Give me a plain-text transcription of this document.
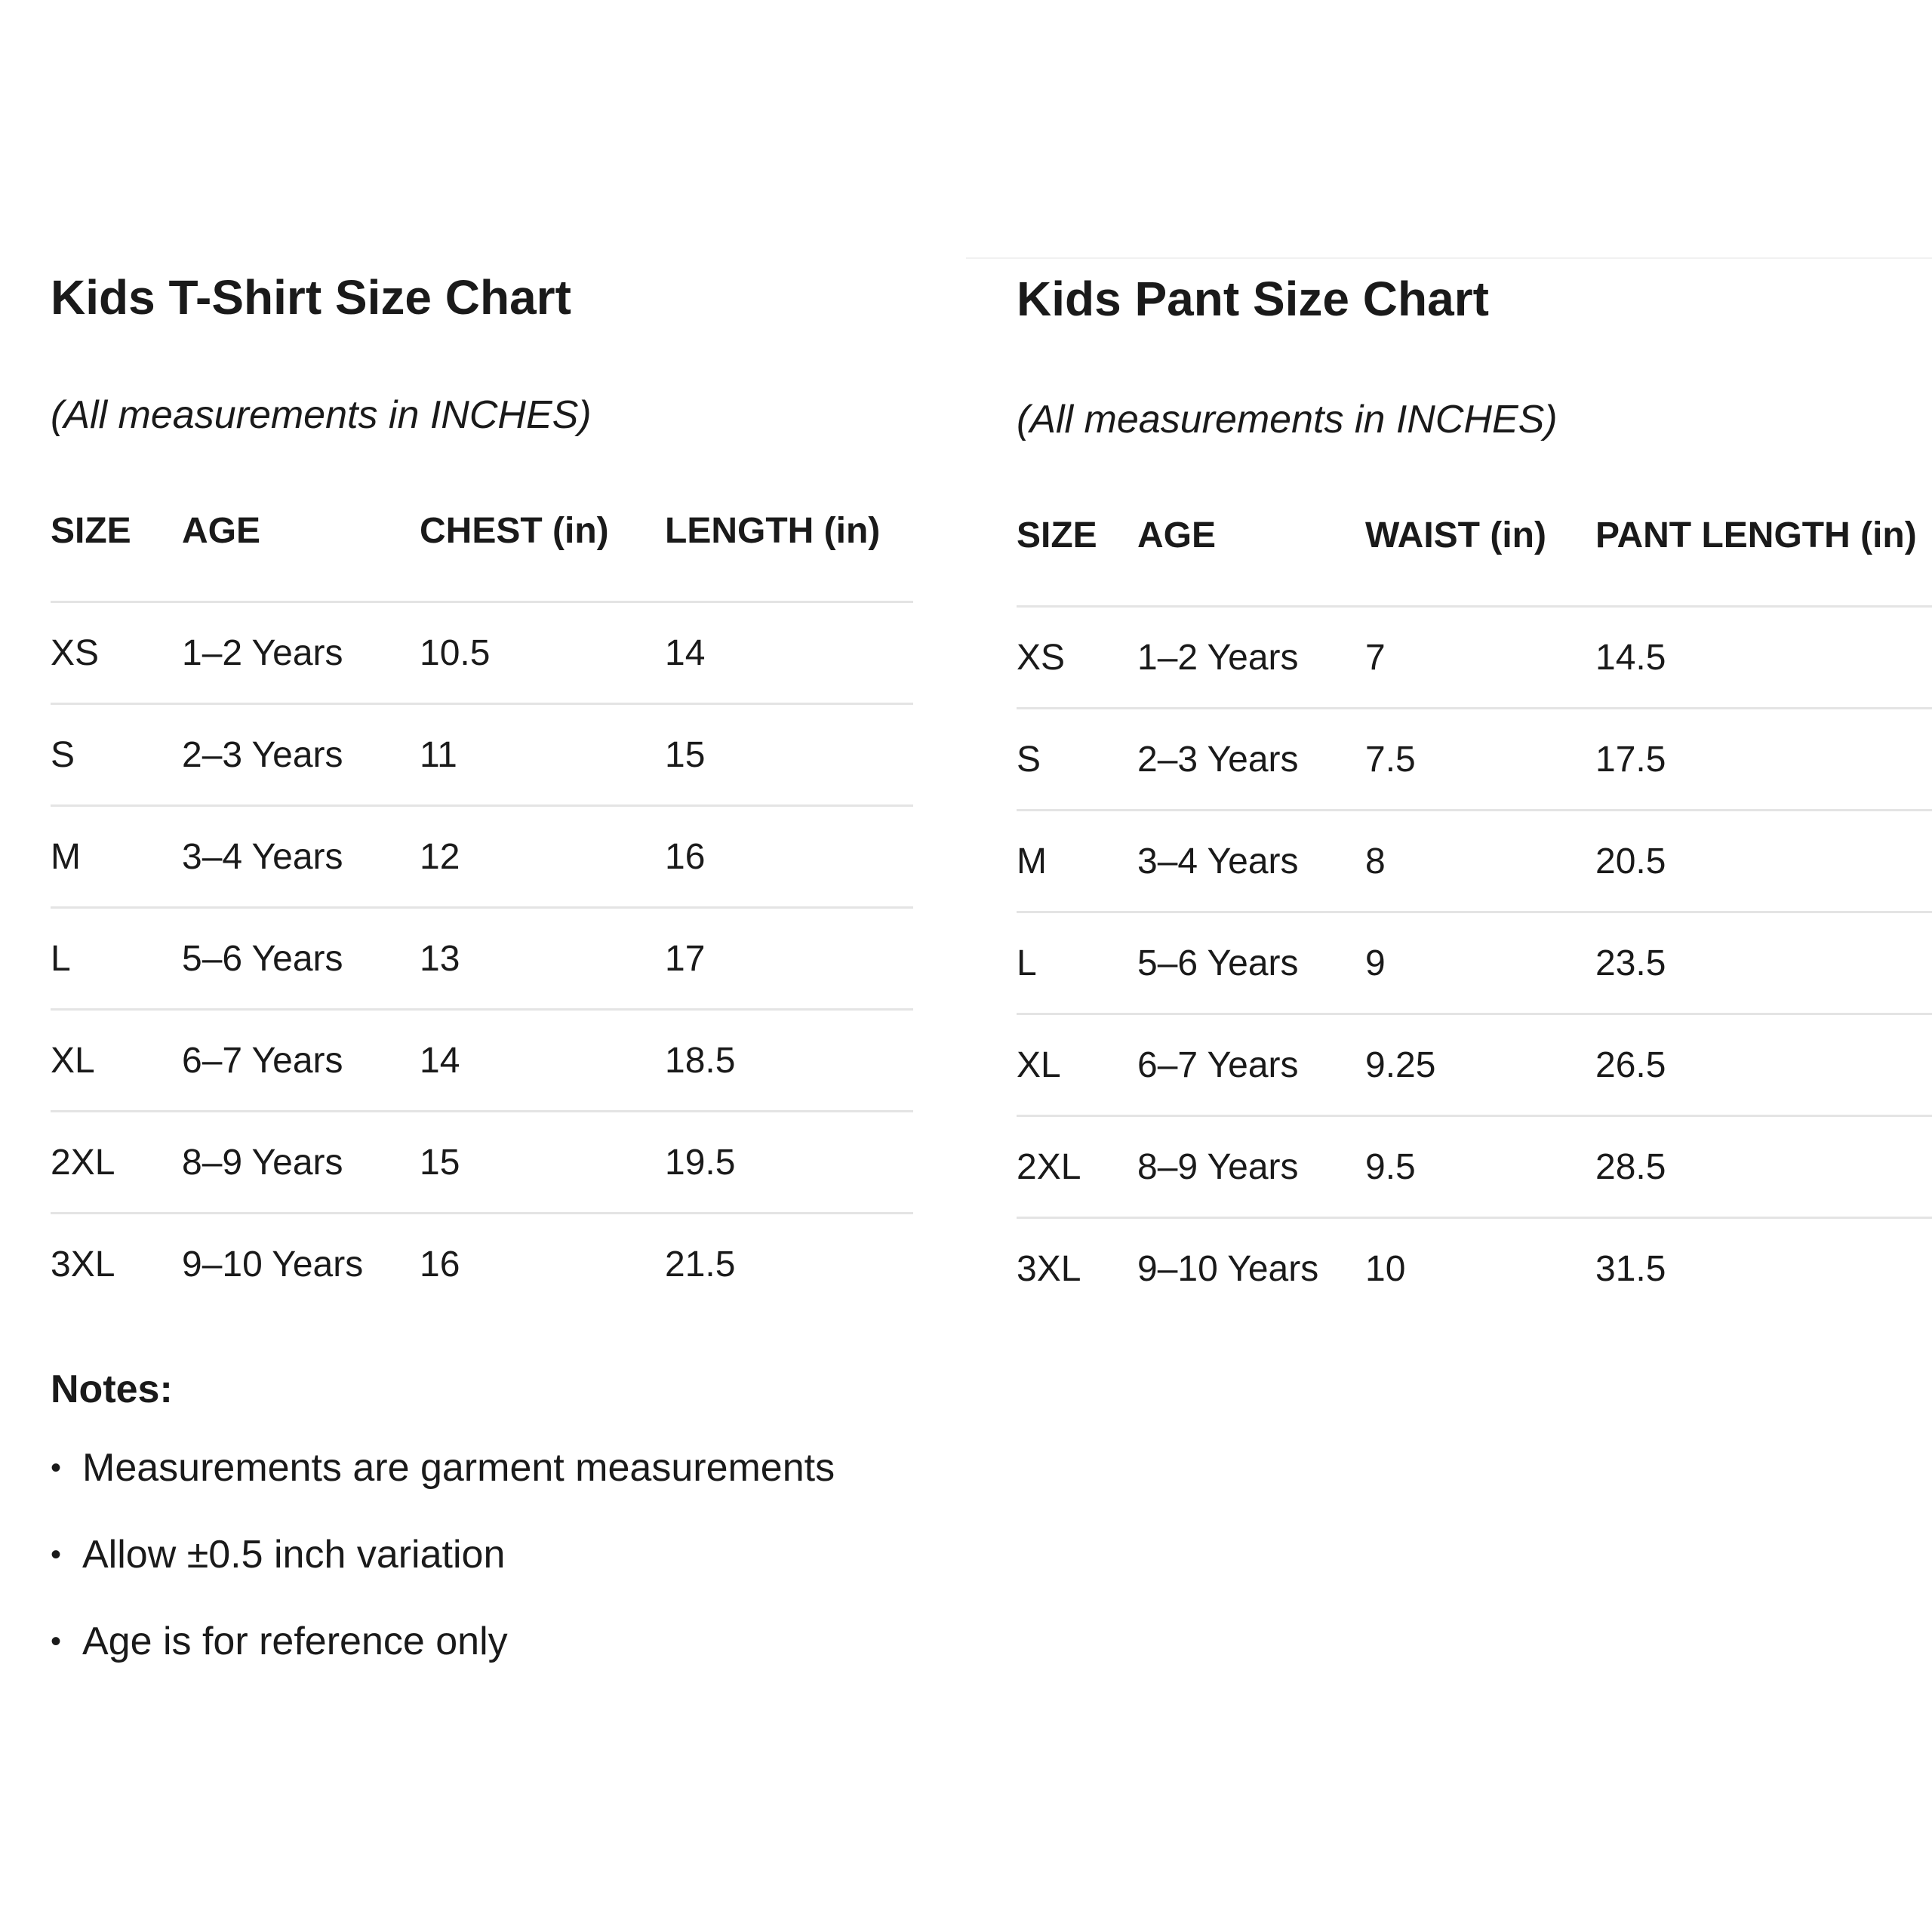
Kids T-Shirt Size Chart

(All measurements in INCHES)

SIZE	AGE	CHEST (in)	LENGTH (in)
XS	1–2 Years	10.5	14
S	2–3 Years	11	15
M	3–4 Years	12	16
L	5–6 Years	13	17
XL	6–7 Years	14	18.5
2XL	8–9 Years	15	19.5
3XL	9–10 Years	16	21.5
Notes:
• Measurements are garment measurements
• Allow ±0.5 inch variation
• Age is for reference only
Kids Pant Size Chart

(All measurements in INCHES)

SIZE	AGE	WAIST (in)	PANT LENGTH (in)
XS	1–2 Years	7	14.5
S	2–3 Years	7.5	17.5
M	3–4 Years	8	20.5
L	5–6 Years	9	23.5
XL	6–7 Years	9.25	26.5
2XL	8–9 Years	9.5	28.5
3XL	9–10 Years	10	31.5
